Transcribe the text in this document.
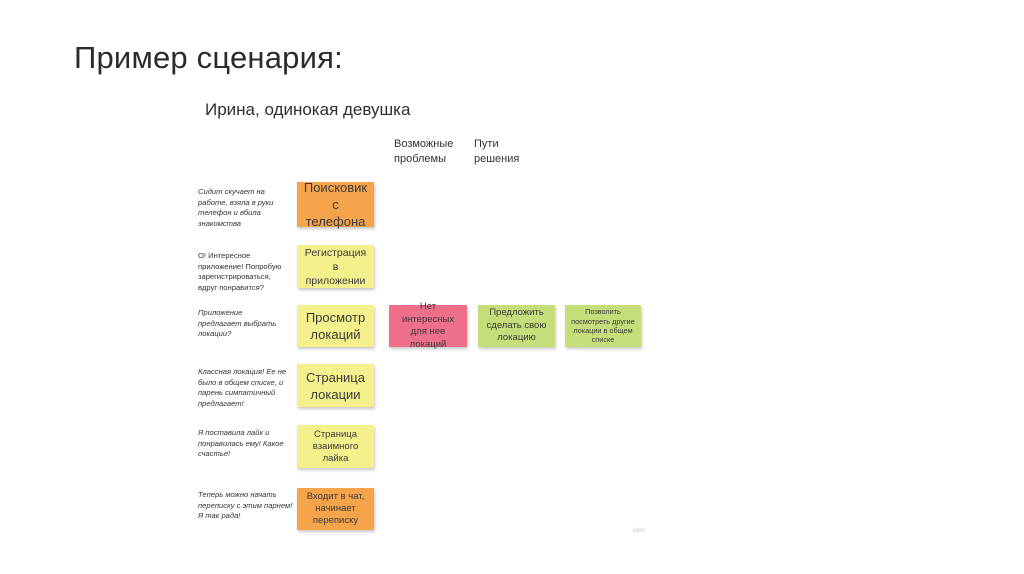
Пример сценария:
Ирина, одинокая девушка
Возможные
проблемы
Пути
решения
Сидит скучает на
работе, взяла в руки
телефон и вбила
знакомства
Поисковик
с телефона
О! Интересное
приложение! Попробую
зарегистрироваться,
вдруг понравится?
Регистрация в
приложении
Приложение
предлагает выбрать
локации?
Просмотр
локаций
Нет интересных
для нее
локаций
Предложить
сделать свою
локацию
Позволить
посмотреть другие
локации в общем
списке
Классная локация! Ее не
было в общем списке, и
парень симпатичный
предлагает!
Страница
локации
Я поставила лайк и
понравилась ему! Какое
счастье!
Страница
взаимного
лайка
Теперь можно начать
переписку с этим парнем!
Я так рада!
Входит в чат,
начинает
переписку
miro
